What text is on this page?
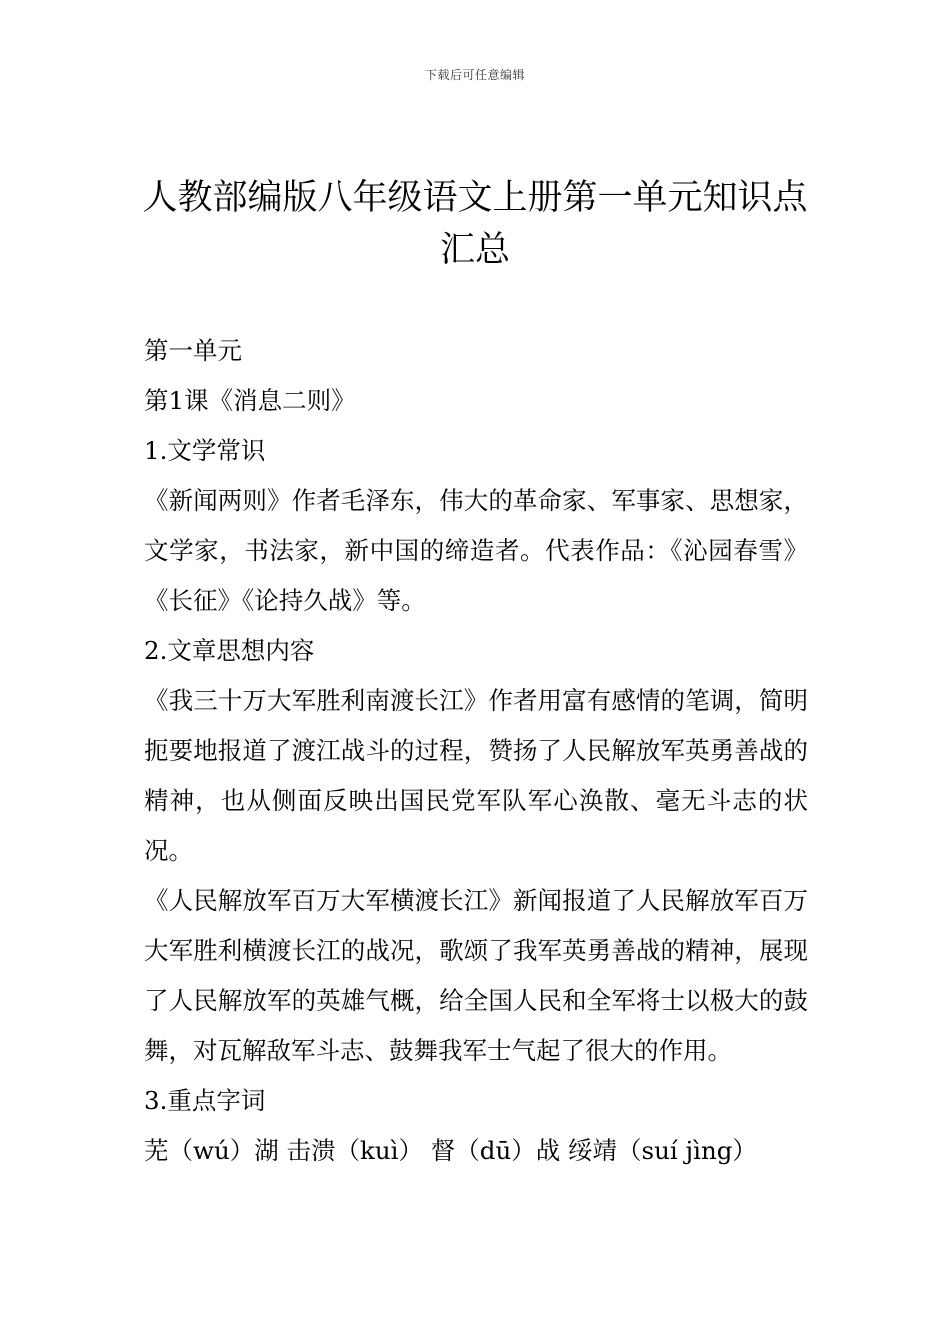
下载后可任意编辑
人教部编版八年级语文上册第一单元知识点汇总

第一单元

第1课《消息二则》

1.文学常识

《新闻两则》作者毛泽东，伟大的革命家、军事家、思想家，文学家，书法家，新中国的缔造者。代表作品：《沁园春雪》《长征》《论持久战》等。

2.文章思想内容

《我三十万大军胜利南渡长江》作者用富有感情的笔调，简明扼要地报道了渡江战斗的过程，赞扬了人民解放军英勇善战的精神，也从侧面反映出国民党军队军心涣散、毫无斗志的状况。

《人民解放军百万大军横渡长江》新闻报道了人民解放军百万大军胜利横渡长江的战况，歌颂了我军英勇善战的精神，展现了人民解放军的英雄气概，给全国人民和全军将士以极大的鼓舞，对瓦解敌军斗志、鼓舞我军士气起了很大的作用。

3.重点字词

芜（wú）湖 击溃（kuì） 督（dū）战 绥靖（suí jìng）
